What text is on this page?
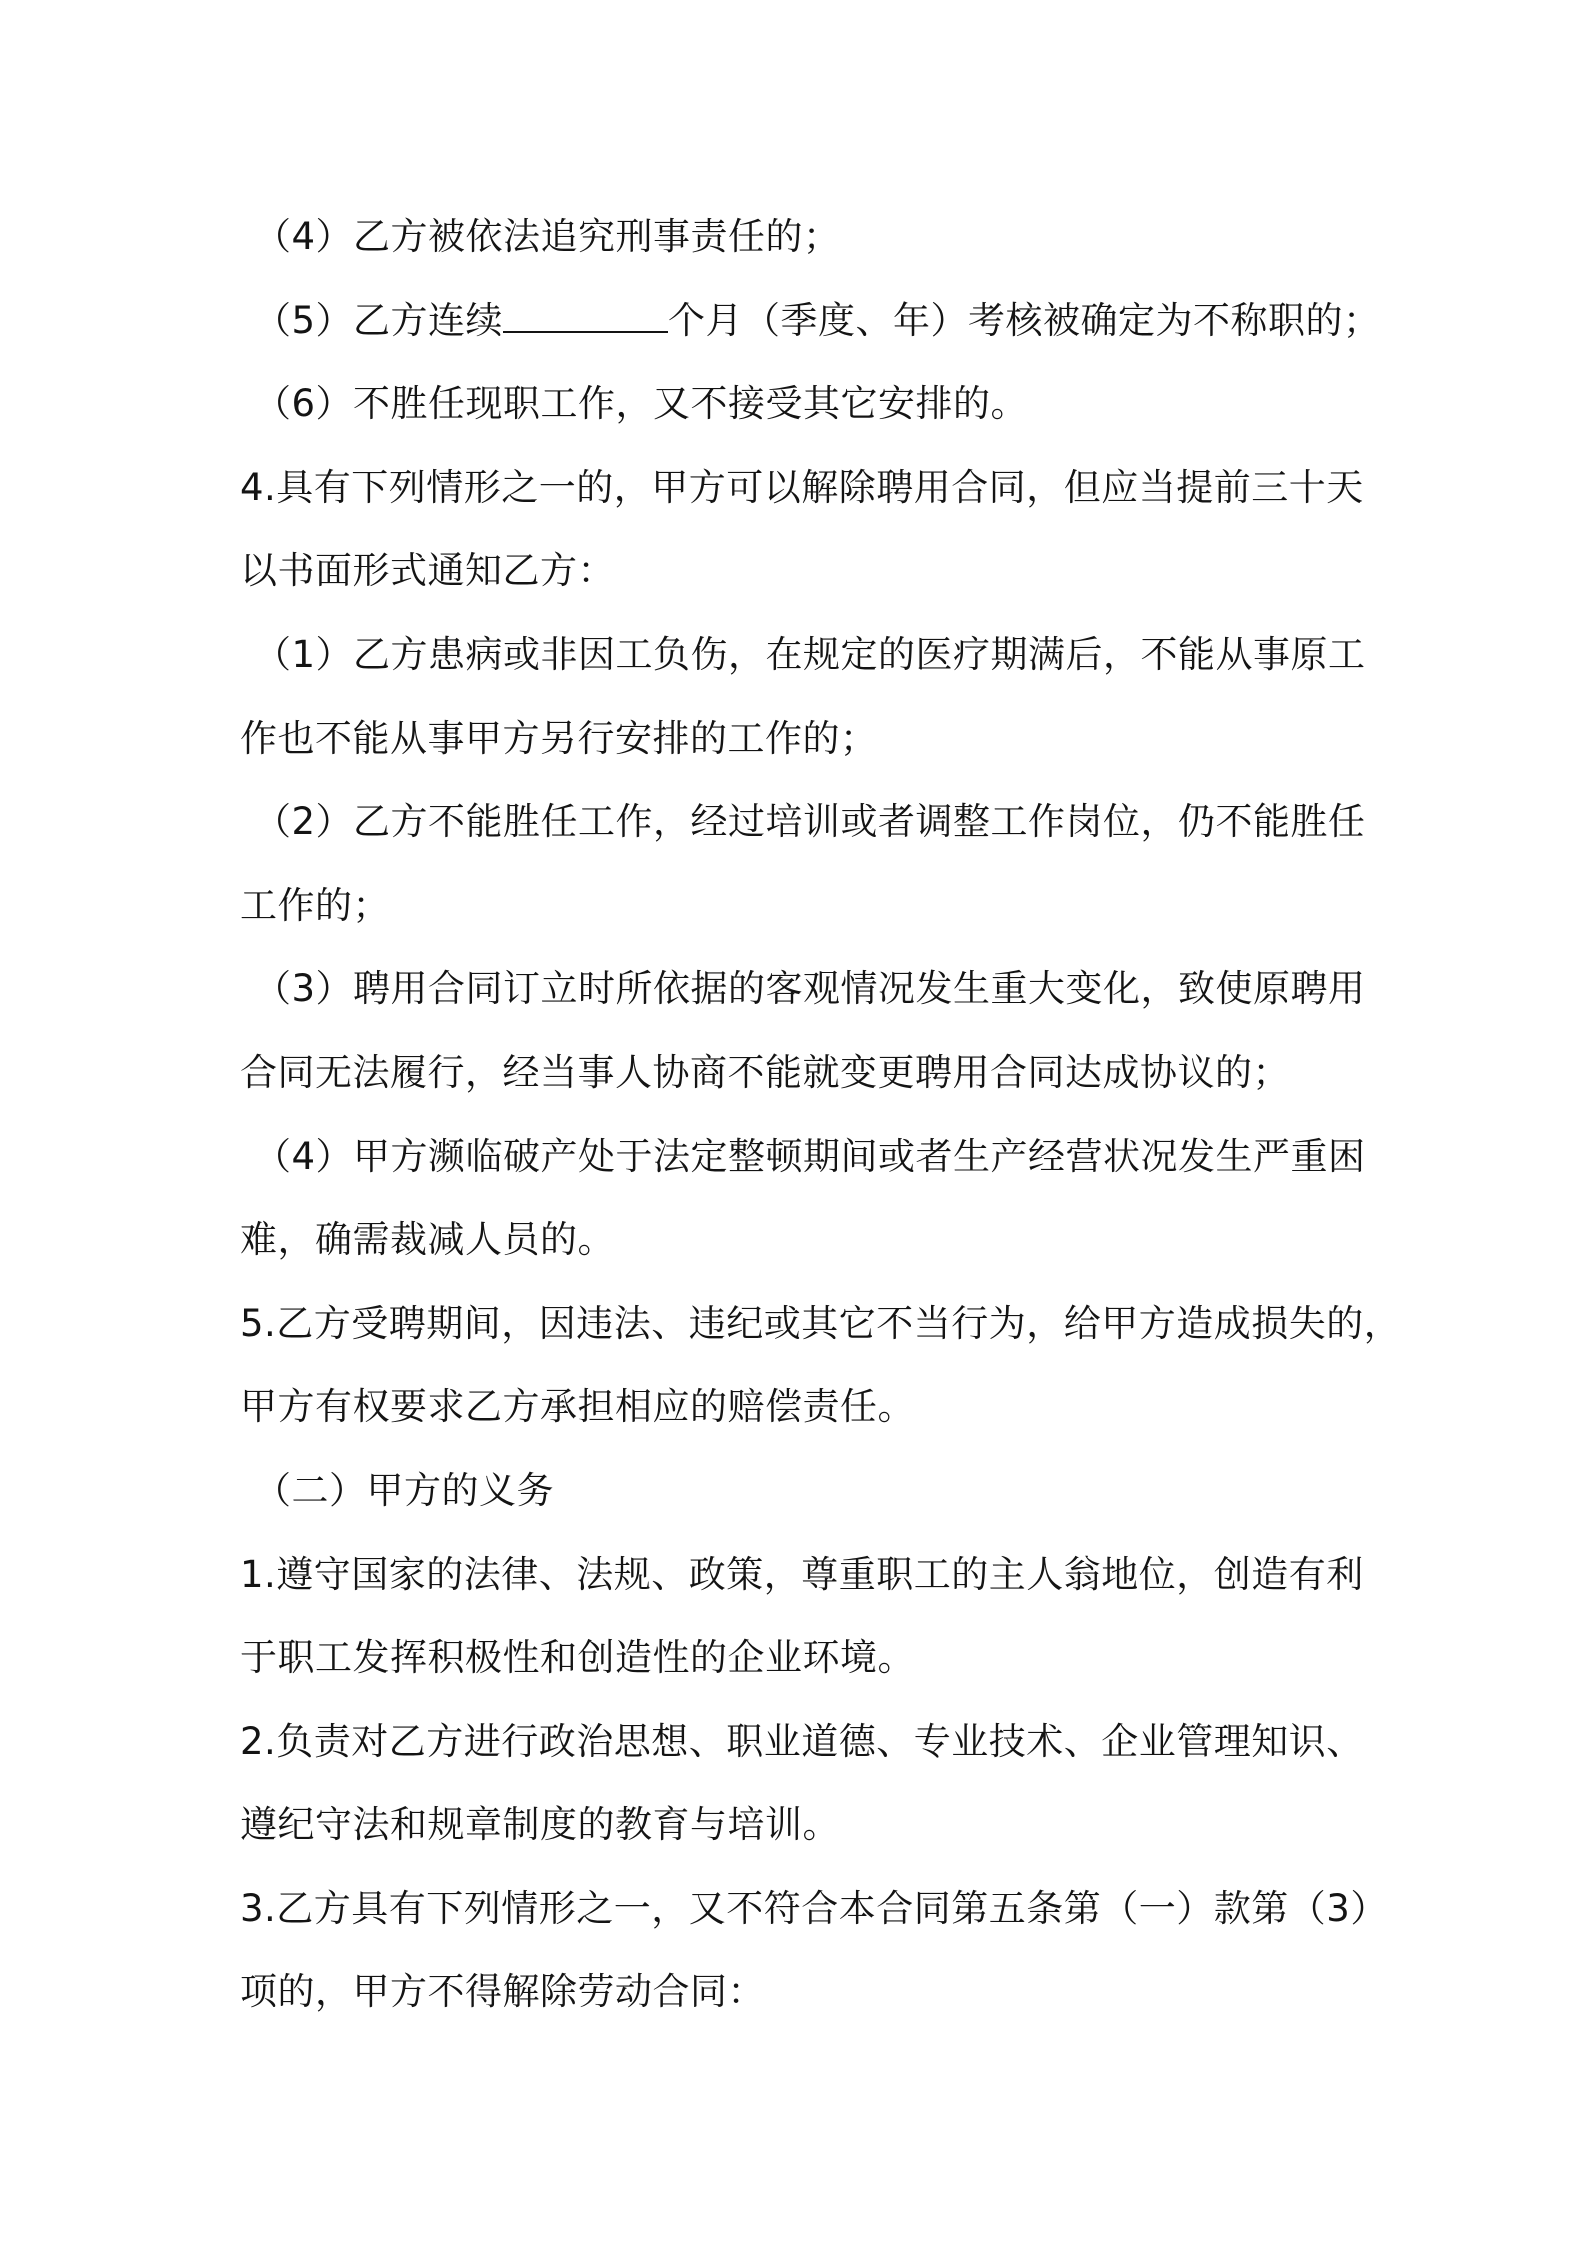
（4）乙方被依法追究刑事责任的；
（5）乙方连续	个月（季度、年）考核被确定为不称职的；
（6）不胜任现职工作，又不接受其它安排的。
4.具有下列情形之一的，甲方可以解除聘用合同，但应当提前三十天
以书面形式通知乙方：
（1）乙方患病或非因工负伤，在规定的医疗期满后，不能从事原工
作也不能从事甲方另行安排的工作的；
（2）乙方不能胜任工作，经过培训或者调整工作岗位，仍不能胜任
工作的；
（3）聘用合同订立时所依据的客观情况发生重大变化，致使原聘用
合同无法履行，经当事人协商不能就变更聘用合同达成协议的；
（4）甲方濒临破产处于法定整顿期间或者生产经营状况发生严重困
难，确需裁减人员的。
5.乙方受聘期间，因违法、违纪或其它不当行为，给甲方造成损失的，
甲方有权要求乙方承担相应的赔偿责任。
（二）甲方的义务
1.遵守国家的法律、法规、政策，尊重职工的主人翁地位，创造有利
于职工发挥积极性和创造性的企业环境。
2.负责对乙方进行政治思想、职业道德、专业技术、企业管理知识、
遵纪守法和规章制度的教育与培训。
3.乙方具有下列情形之一，又不符合本合同第五条第（一）款第（3）
项的，甲方不得解除劳动合同：
